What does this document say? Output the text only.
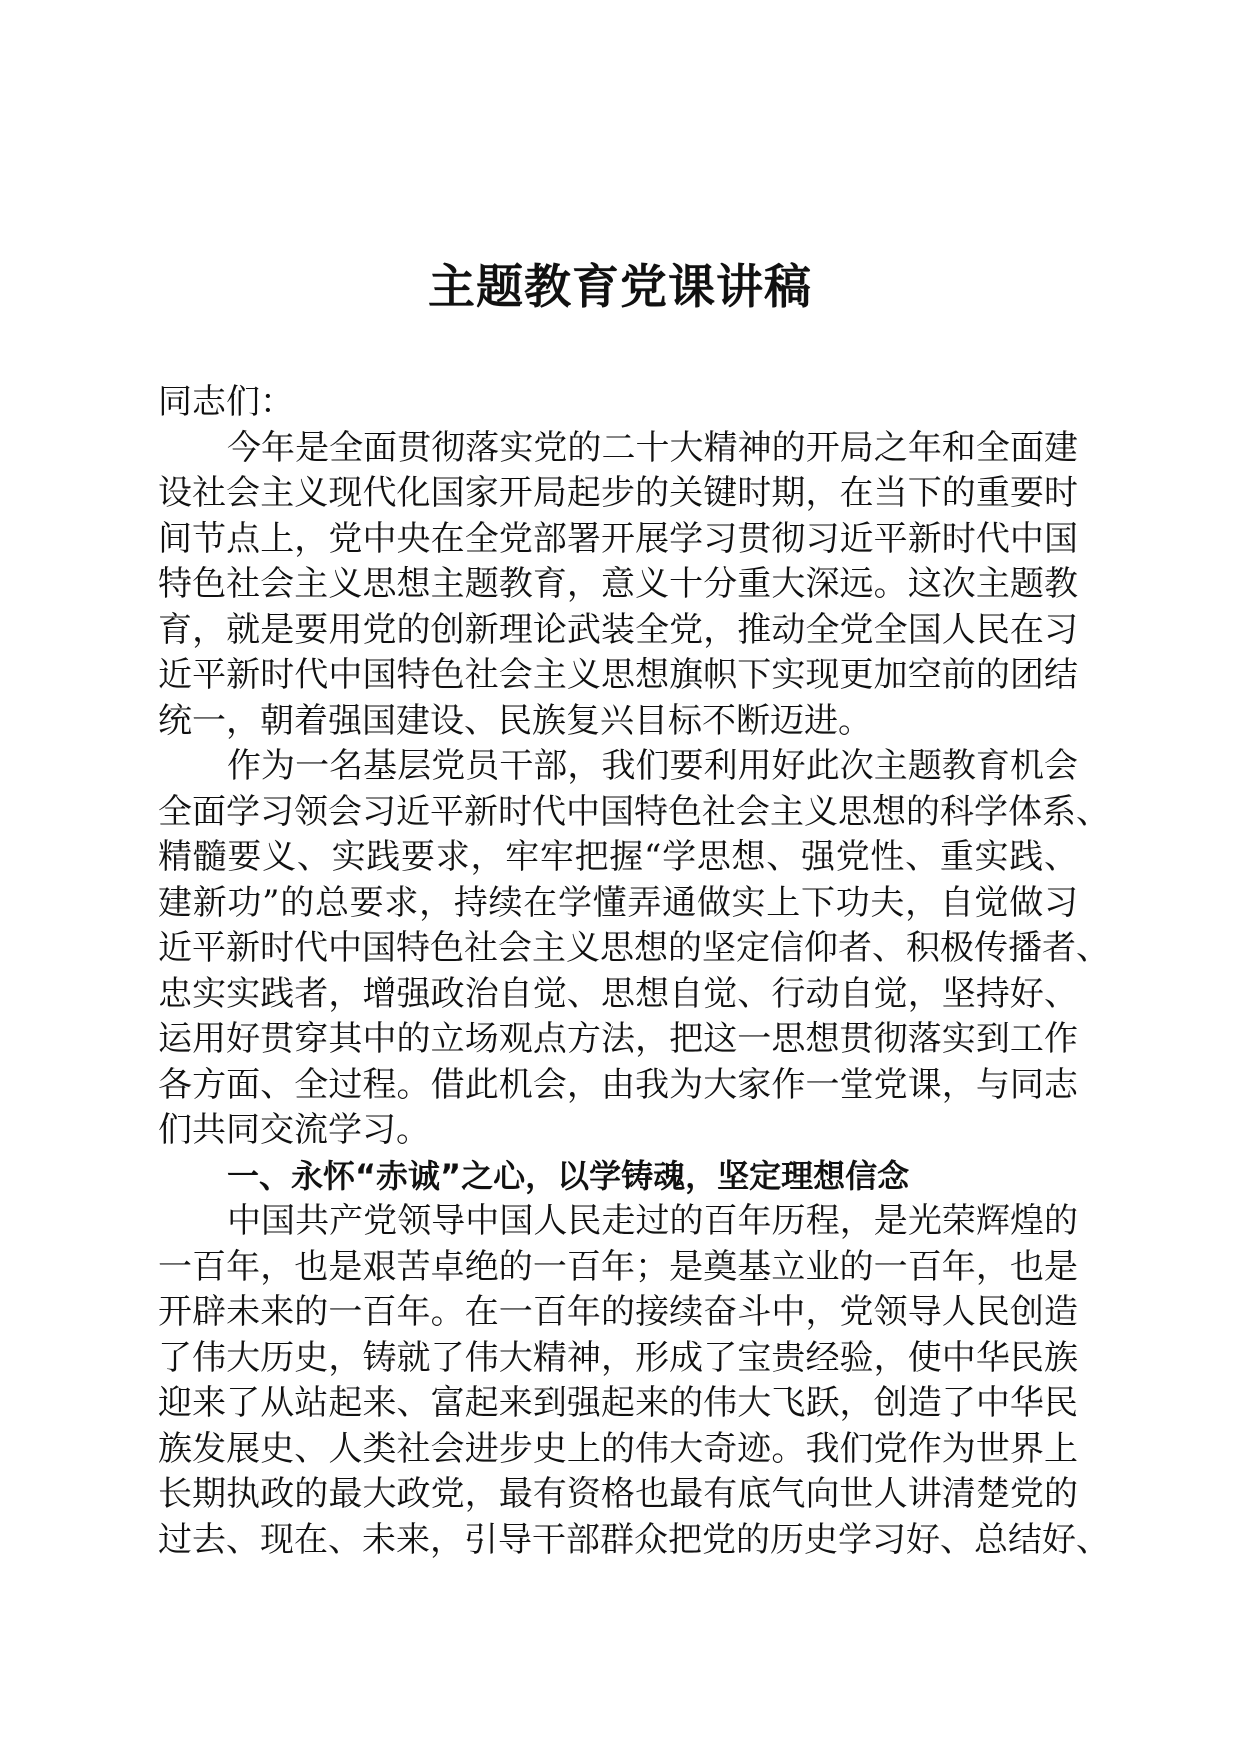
主题教育党课讲稿
同志们：
今年是全面贯彻落实党的二十大精神的开局之年和全面建
设社会主义现代化国家开局起步的关键时期，在当下的重要时
间节点上，党中央在全党部署开展学习贯彻习近平新时代中国
特色社会主义思想主题教育，意义十分重大深远。这次主题教
育，就是要用党的创新理论武装全党，推动全党全国人民在习
近平新时代中国特色社会主义思想旗帜下实现更加空前的团结
统一，朝着强国建设、民族复兴目标不断迈进。
作为一名基层党员干部，我们要利用好此次主题教育机会
全面学习领会习近平新时代中国特色社会主义思想的科学体系、
精髓要义、实践要求，牢牢把握“学思想、强党性、重实践、
建新功”的总要求，持续在学懂弄通做实上下功夫，自觉做习
近平新时代中国特色社会主义思想的坚定信仰者、积极传播者、
忠实实践者，增强政治自觉、思想自觉、行动自觉，坚持好、
运用好贯穿其中的立场观点方法，把这一思想贯彻落实到工作
各方面、全过程。借此机会，由我为大家作一堂党课，与同志
们共同交流学习。
一、永怀“赤诚”之心，以学铸魂，坚定理想信念
中国共产党领导中国人民走过的百年历程，是光荣辉煌的
一百年，也是艰苦卓绝的一百年；是奠基立业的一百年，也是
开辟未来的一百年。在一百年的接续奋斗中，党领导人民创造
了伟大历史，铸就了伟大精神，形成了宝贵经验，使中华民族
迎来了从站起来、富起来到强起来的伟大飞跃，创造了中华民
族发展史、人类社会进步史上的伟大奇迹。我们党作为世界上
长期执政的最大政党，最有资格也最有底气向世人讲清楚党的
过去、现在、未来，引导干部群众把党的历史学习好、总结好、
